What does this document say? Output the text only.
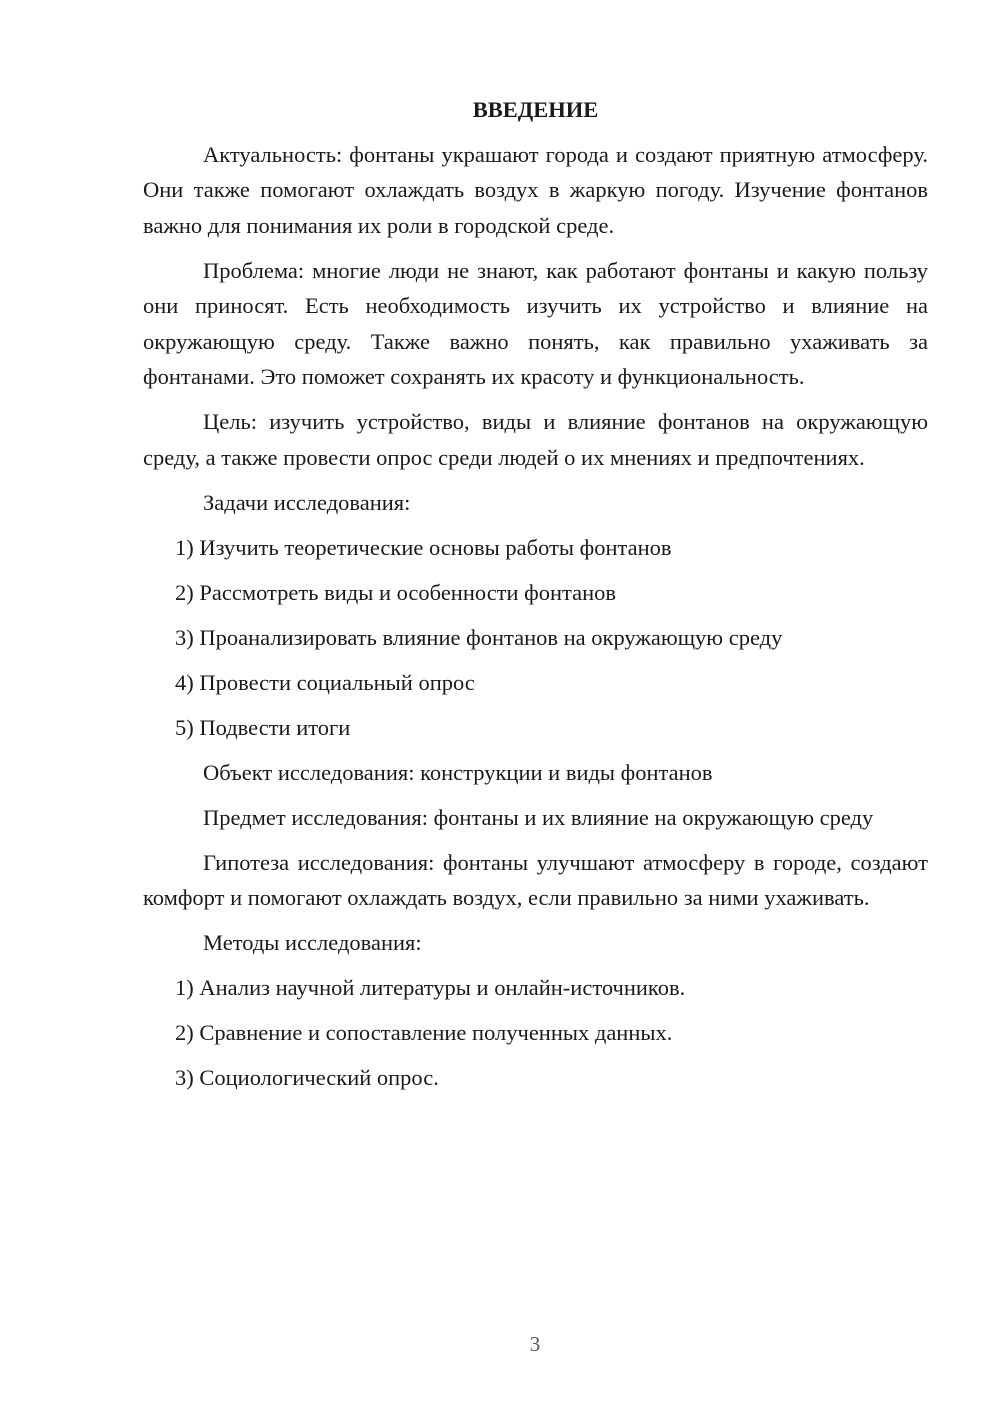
ВВЕДЕНИЕ

Актуальность: фонтаны украшают города и создают приятную атмосферу. Они также помогают охлаждать воздух в жаркую погоду. Изучение фонтанов важно для понимания их роли в городской среде.

Проблема: многие люди не знают, как работают фонтаны и какую пользу они приносят. Есть необходимость изучить их устройство и влияние на окружающую среду. Также важно понять, как правильно ухаживать за фонтанами. Это поможет сохранять их красоту и функциональность.

Цель: изучить устройство, виды и влияние фонтанов на окружающую среду, а также провести опрос среди людей о их мнениях и предпочтениях.

Задачи исследования:
1) Изучить теоретические основы работы фонтанов
2) Рассмотреть виды и особенности фонтанов
3) Проанализировать влияние фонтанов на окружающую среду
4) Провести социальный опрос
5) Подвести итоги
Объект исследования: конструкции и виды фонтанов

Предмет исследования: фонтаны и их влияние на окружающую среду

Гипотеза исследования: фонтаны улучшают атмосферу в городе, создают комфорт и помогают охлаждать воздух, если правильно за ними ухаживать.

Методы исследования:
1) Анализ научной литературы и онлайн-источников.
2) Сравнение и сопоставление полученных данных.
3) Социологический опрос.
3
